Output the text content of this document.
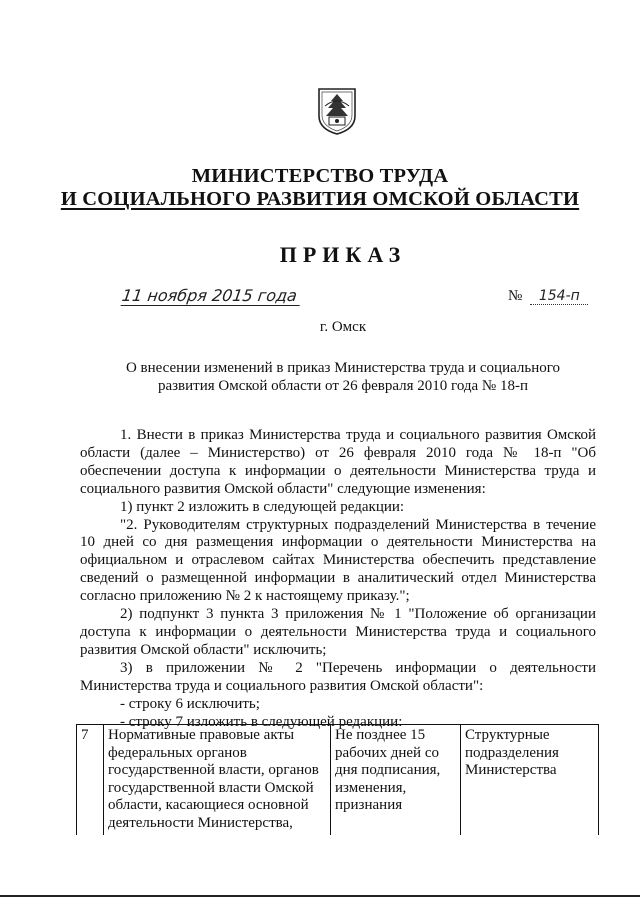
МИНИСТЕРСТВО ТРУДА
И СОЦИАЛЬНОГО РАЗВИТИЯ ОМСКОЙ ОБЛАСТИ
ПРИКАЗ
11 ноября 2015 года	№ 154-п
г. Омск
О внесении изменений в приказ Министерства труда и социального
развития Омской области от 26 февраля 2010 года № 18-п

1. Внести в приказ Министерства труда и социального развития Омской области (далее – Министерство) от 26 февраля 2010 года № 18-п "Об обеспечении доступа к информации о деятельности Министерства труда и социального развития Омской области" следующие изменения:

1) пункт 2 изложить в следующей редакции:

"2. Руководителям структурных подразделений Министерства в течение 10 дней со дня размещения информации о деятельности Министерства на официальном и отраслевом сайтах Министерства обеспечить представление сведений о размещенной информации в аналитический отдел Министерства согласно приложению № 2 к настоящему приказу.";

2) подпункт 3 пункта 3 приложения № 1 "Положение об организации доступа к информации о деятельности Министерства труда и социального развития Омской области" исключить;

3) в приложении № 2 "Перечень информации о деятельности Министерства труда и социального развития Омской области":

- строку 6 исключить;

- строку 7 изложить в следующей редакции:

7	Нормативные правовые акты федеральных органов государственной власти, органов государственной власти Омской области, касающиеся основной деятельности Министерства,	Не позднее 15 рабочих дней со дня подписания, изменения, признания	Структурные подразделения Министерства
